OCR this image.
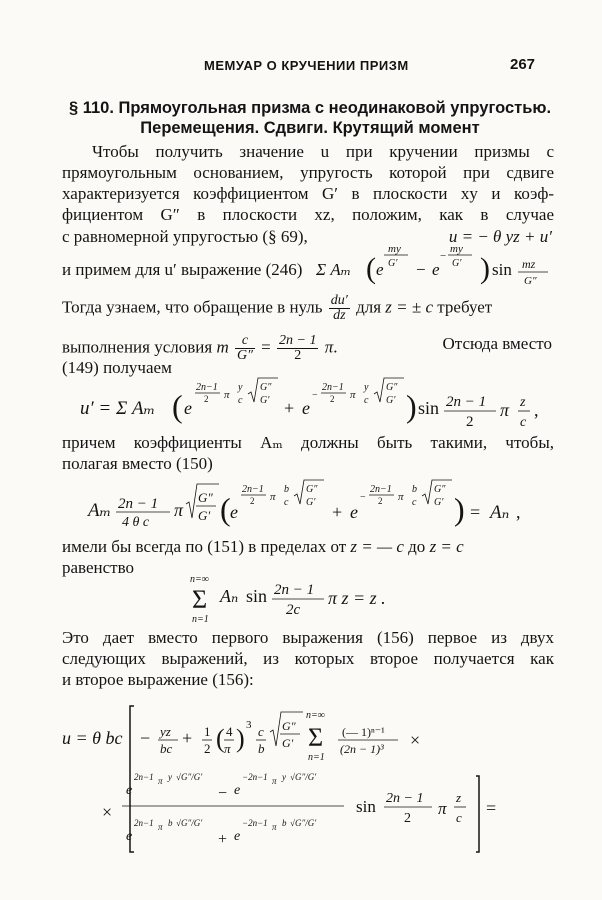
МЕМУАР О КРУЧЕНИИ ПРИЗМ	267
§ 110. Прямоугольная призма с неодинаковой упругостью.
Перемещения. Сдвиги. Крутящий момент
Чтобы получить значение u при кручении призмы с
прямоугольным основанием, упругость которой при сдвиге
характеризуется коэффициентом G′ в плоскости xy и коэф-
фициентом G″ в плоскости xz, положим, как в случае
с равномерной упругостью (§ 69),	u = − θ yz + u′
и примем для u′ выражение (246) Σ Aₘ ( e
my
G′ − e
−
my
G′ ) sin mz
G″
Тогда узнаем, что обращение в нуль $\frac{du'}{dz}$ для z = ± c требует
выполнения условия m $\frac{c}{G''} = \frac{2n - 1}{2} \pi$.	Отсюда вместо
(149) получаем
u′ = Σ Aₘ ( e
2n−1
2 π
y
c
G″
G′ + e
−
2n−1
2 π
y
c
G″
G′ ) sin 2n − 1
2
π z
c
,
причем коэффициенты Aₘ должны быть такими, чтобы,
полагая вместо (150)
Aₘ 2n − 1
4 θ c
π
G″
G′ ( e
2n−1
2 π
b
c
G″
G′ + e
−
2n−1
2 π
b
c
G″
G′ ) = Aₙ ,
имели бы всегда по (151) в пределах от z = — c до z = c
равенство
n=∞
Σ
n=1
Aₙ sin 2n − 1
2c
π z = z .
Это дает вместо первого выражения (156) первое из двух
следующих выражений, из которых второе получается как
и второе выражение (156):
u = θ bc − yz
bc
+ 1
2 ( 4
π ) 3 c
b
G″
G′
n=∞
Σ
n=1
(— 1)ⁿ⁻¹
(2n − 1)³ ×
×
e
2n−1 π y √G″/G′
− e
−2n−1 π y √G″/G′
e
2n−1 π b √G″/G′
+ e
−2n−1 π b √G″/G′
sin 2n − 1
2
π
z
c =
